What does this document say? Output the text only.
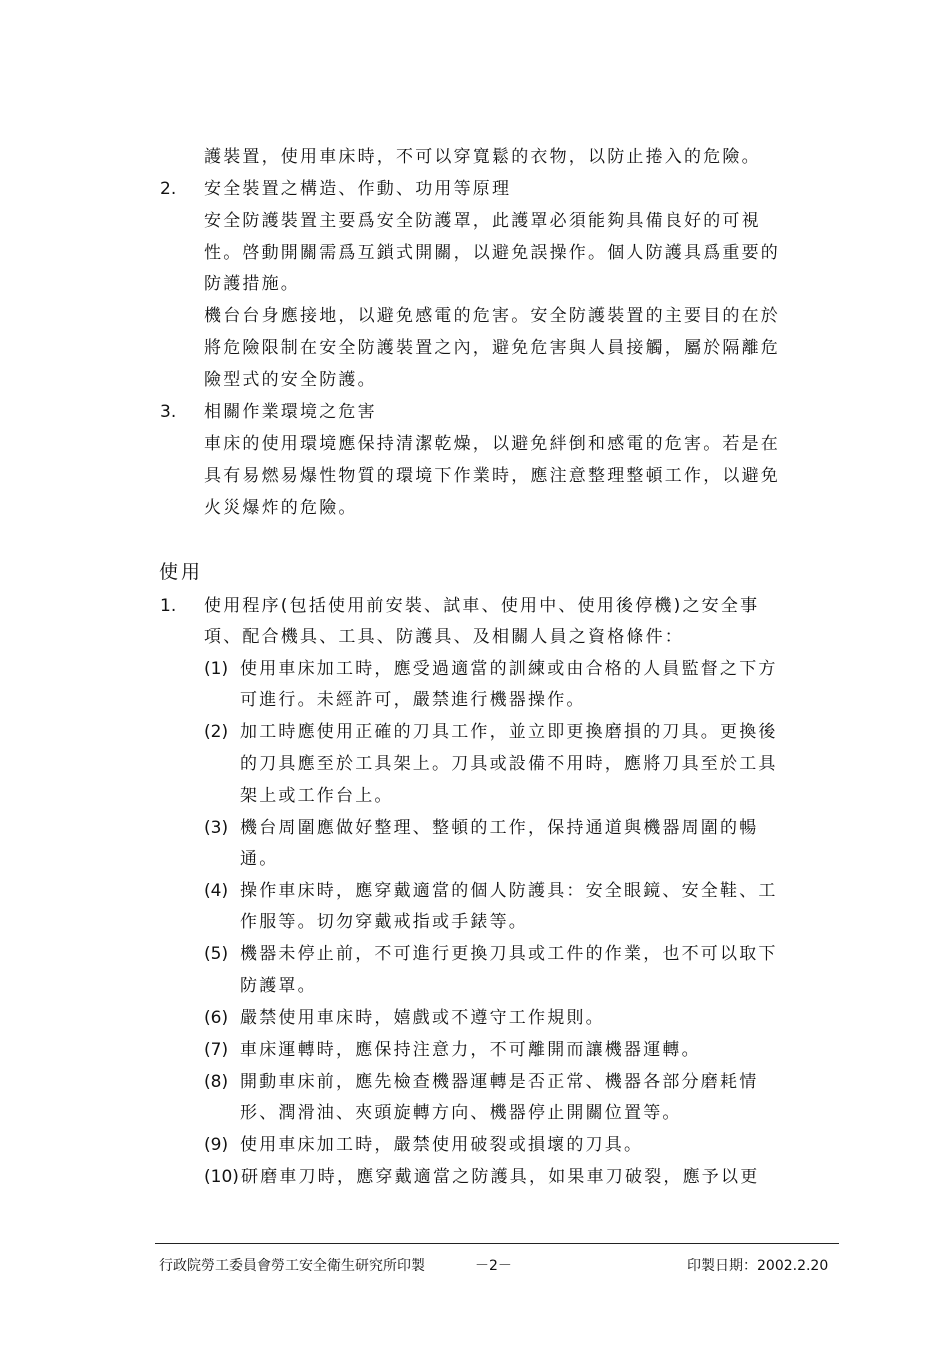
護裝置，使用車床時，不可以穿寬鬆的衣物，以防止捲入的危險。
2. 安全裝置之構造、作動、功用等原理
安全防護裝置主要爲安全防護罩，此護罩必須能夠具備良好的可視
性。啓動開關需爲互鎖式開關，以避免誤操作。個人防護具爲重要的
防護措施。
機台台身應接地，以避免感電的危害。安全防護裝置的主要目的在於
將危險限制在安全防護裝置之內，避免危害與人員接觸，屬於隔離危
險型式的安全防護。
3. 相關作業環境之危害
車床的使用環境應保持清潔乾燥，以避免絆倒和感電的危害。若是在
具有易燃易爆性物質的環境下作業時，應注意整理整頓工作，以避免
火災爆炸的危險。
使用
1. 使用程序(包括使用前安裝、試車、使用中、使用後停機)之安全事
項、配合機具、工具、防護具、及相關人員之資格條件：
(1) 使用車床加工時，應受過適當的訓練或由合格的人員監督之下方
可進行。未經許可，嚴禁進行機器操作。
(2) 加工時應使用正確的刀具工作，並立即更換磨損的刀具。更換後
的刀具應至於工具架上。刀具或設備不用時，應將刀具至於工具
架上或工作台上。
(3) 機台周圍應做好整理、整頓的工作，保持通道與機器周圍的暢
通。
(4) 操作車床時，應穿戴適當的個人防護具：安全眼鏡、安全鞋、工
作服等。切勿穿戴戒指或手錶等。
(5) 機器未停止前，不可進行更換刀具或工件的作業，也不可以取下
防護罩。
(6) 嚴禁使用車床時，嬉戲或不遵守工作規則。
(7) 車床運轉時，應保持注意力，不可離開而讓機器運轉。
(8) 開動車床前，應先檢查機器運轉是否正常、機器各部分磨耗情
形、潤滑油、夾頭旋轉方向、機器停止開關位置等。
(9) 使用車床加工時，嚴禁使用破裂或損壞的刀具。
(10) 研磨車刀時，應穿戴適當之防護具，如果車刀破裂，應予以更
行政院勞工委員會勞工安全衛生研究所印製	－2－	印製日期：2002.2.20
